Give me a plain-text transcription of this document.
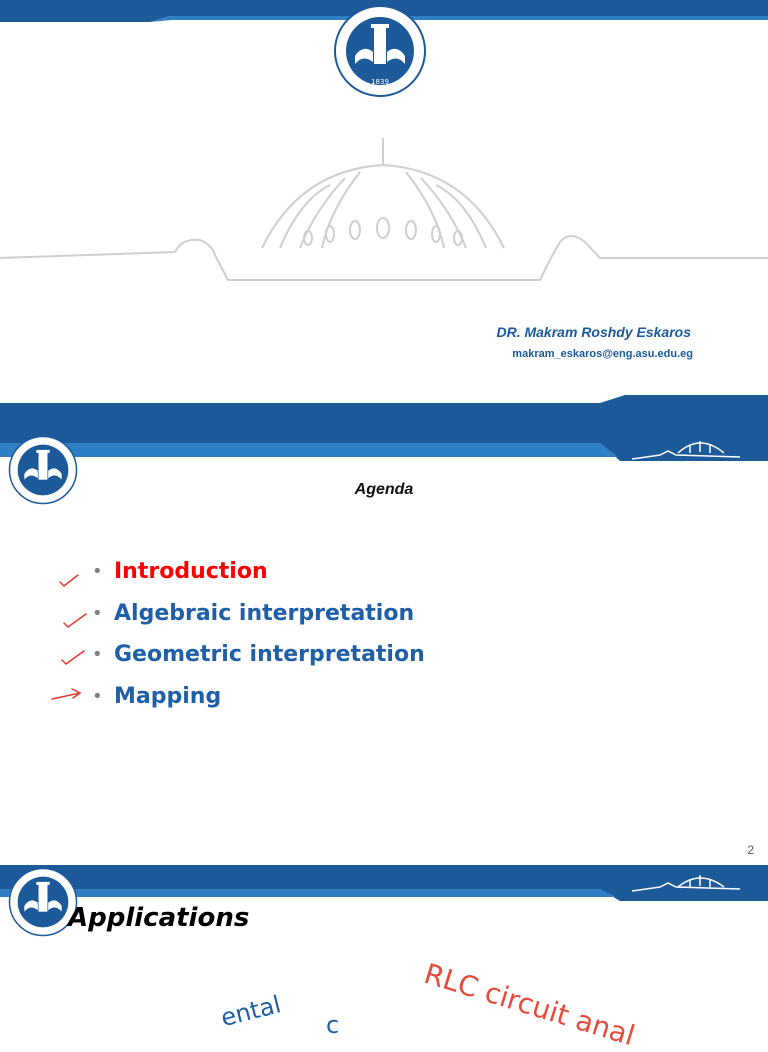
1839
DR. Makram Roshdy Eskaros
makram_eskaros@eng.asu.edu.eg
Agenda
• Introduction
• Algebraic interpretation
• Geometric interpretation
• Mapping
2
Applications
RLC circuit anal
ental c
